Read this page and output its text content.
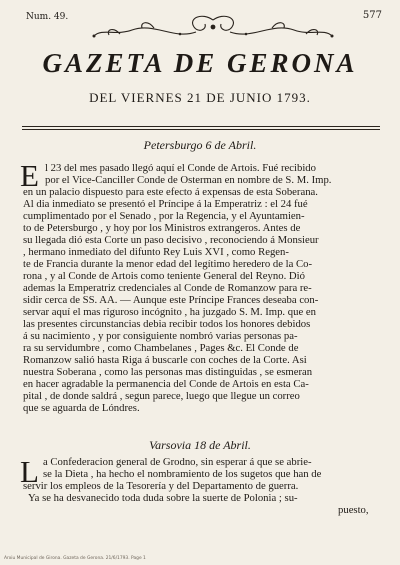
Num. 49.	577
GAZETA DE GERONA
DEL VIERNES 21 DE JUNIO 1793.
Petersburgo 6 de Abril.
E l 23 del mes pasado llegó aquí el Conde de Artois. Fué recibido
por el Vice-Canciller Conde de Osterman en nombre de S. M. Imp.
en un palacio dispuesto para este efecto á expensas de esta Soberana.
Al dia inmediato se presentó el Príncipe á la Emperatriz : el 24 fué
cumplimentado por el Senado , por la Regencia, y el Ayuntamien-
to de Petersburgo , y hoy por los Ministros extrangeros. Antes de
su llegada dió esta Corte un paso decisivo , reconociendo á Monsieur
, hermano inmediato del difunto Rey Luis XVI , como Regen-
te de Francia durante la menor edad del legítimo heredero de la Co-
rona , y al Conde de Artois como teniente General del Reyno. Dió
ademas la Emperatriz credenciales al Conde de Romanzow para re-
sidir cerca de SS. AA. — Aunque este Príncipe Frances deseaba con-
servar aquí el mas riguroso incógnito , ha juzgado S. M. Imp. que en
las presentes circunstancias debia recibir todos los honores debidos
á su nacimiento , y por consiguiente nombró varias personas pa-
ra su servidumbre , como Chambelanes , Pages &c. El Conde de
Romanzow salió hasta Riga á buscarle con coches de la Corte. Asi
nuestra Soberana , como las personas mas distinguidas , se esmeran
en hacer agradable la permanencia del Conde de Artois en esta Ca-
pital , de donde saldrá , segun parece, luego que llegue un correo
que se aguarda de Lóndres.
Varsovia 18 de Abril.
L a Confederacion general de Grodno, sin esperar á que se abrie-
se la Dieta , ha hecho el nombramiento de los sugetos que han de
servir los empleos de la Tesorería y del Departamento de guerra.
Ya se ha desvanecido toda duda sobre la suerte de Polonia ; su-
puesto,
Arxiu Municipal de Girona. Gazeta de Gerona. 21/6/1793. Page 1
